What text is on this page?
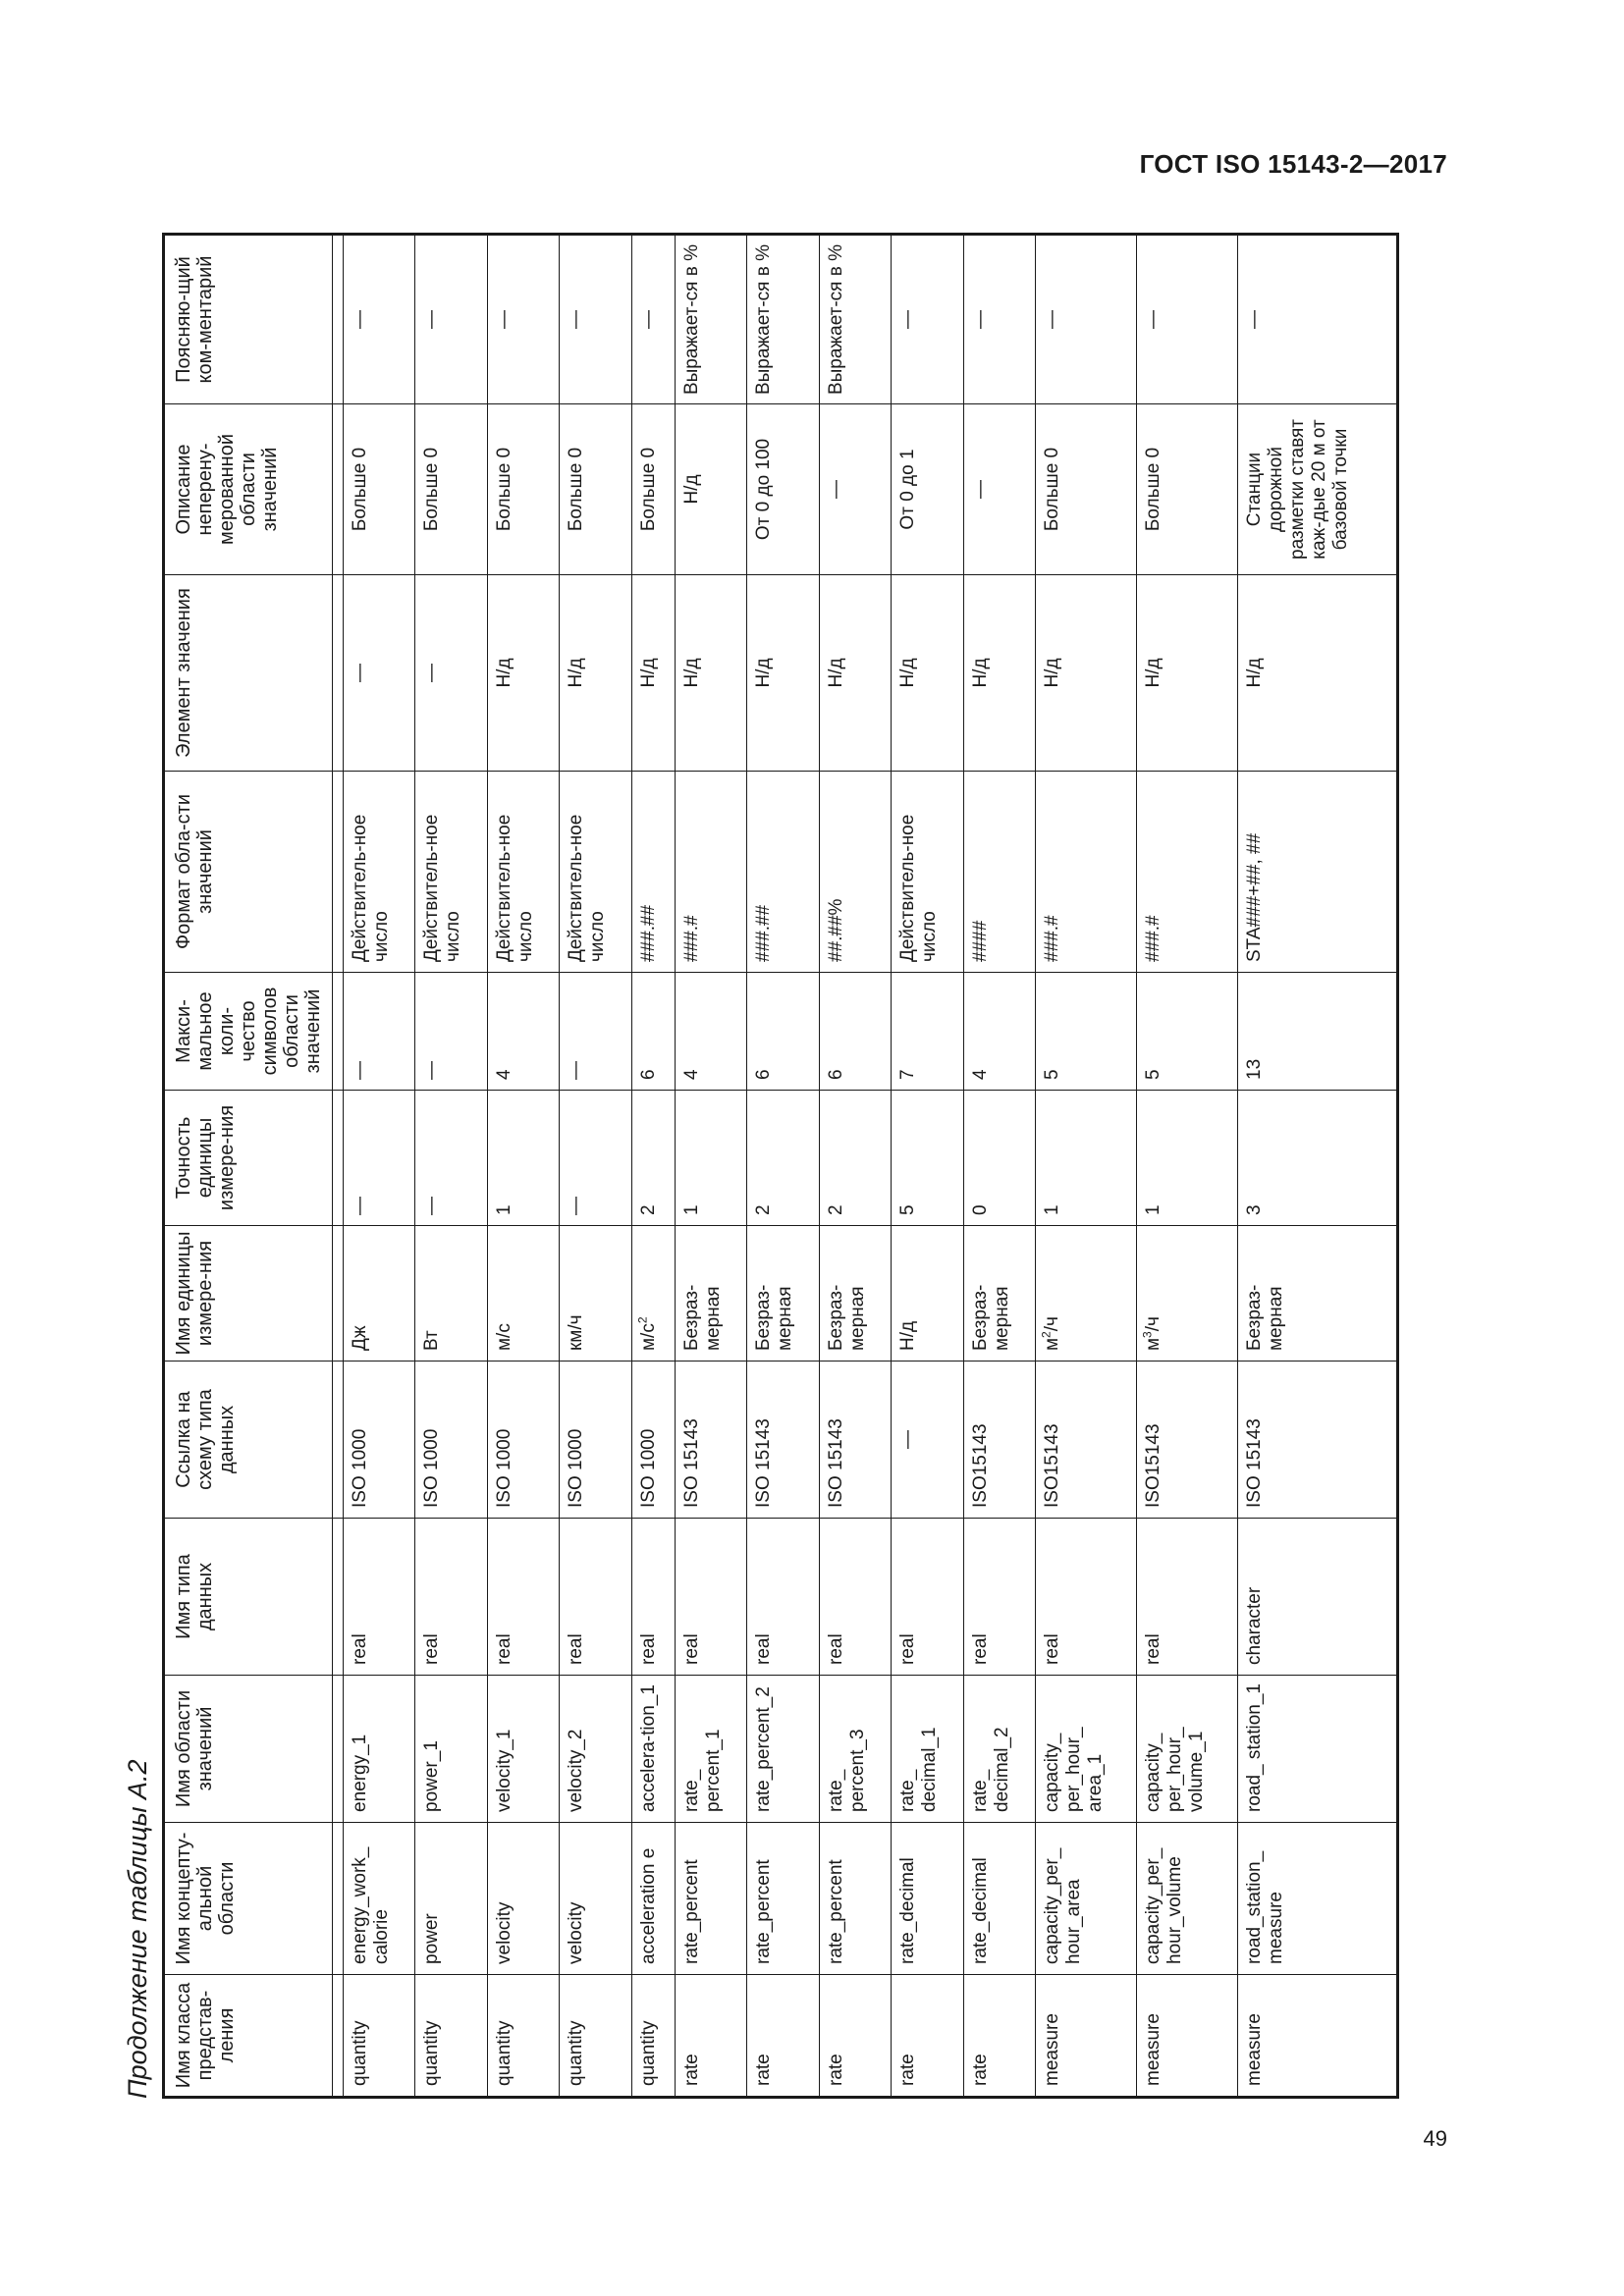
ГОСТ ISO 15143-2—2017
Продолжение таблицы А.2	Имя класса представ-ления	Имя концепту-альной области	Имя области значений	Имя типа данных	Ссылка на схему типа данных	Имя единицы измере-ния	Точность единицы измере-ния	Макси-мальное коли-чество символов области значений	Формат обла-сти значений	Элемент значения	Описание неперену-мерованной области значений	Поясняю-щий ком-ментарий

quantity	energy_work_ calorie	energy_1	real	ISO 1000	Дж	—	—	Действитель-ное число	—	Больше 0	—
quantity	power	power_1	real	ISO 1000	Вт	—	—	Действитель-ное число	—	Больше 0	—
quantity	velocity	velocity_1	real	ISO 1000	м/с	1	4	Действитель-ное число	Н/д	Больше 0	—
quantity	velocity	velocity_2	real	ISO 1000	км/ч	—	—	Действитель-ное число	Н/д	Больше 0	—
quantity	acceleration e	accelera-tion_1	real	ISO 1000	$м/с^2$	2	6	###.##	Н/д	Больше 0	—
rate	rate_percent	rate_ percent_1	real	ISO 15143	Безраз-мерная	1	4	###.#	Н/д	Н/д	Выражает-ся в %
rate	rate_percent	rate_percent_2	real	ISO 15143	Безраз-мерная	2	6	###.##	Н/д	От 0 до 100	Выражает-ся в %
rate	rate_percent	rate_ percent_3	real	ISO 15143	Безраз-мерная	2	6	##.##%	Н/д	—	Выражает-ся в %
rate	rate_decimal	rate_ decimal_1	real	—	Н/д	5	7	Действитель-ное число	Н/д	От 0 до 1	—
rate	rate_decimal	rate_ decimal_2	real	ISO15143	Безраз-мерная	0	4	####	Н/д	—	—
measure	capacity_per_ hour_area	capacity_ per_hour_ area_1	real	ISO15143	$м^2/ч$	1	5	###.#	Н/д	Больше 0	—
measure	capacity_per_ hour_volume	capacity_ per_hour_ volume_1	real	ISO15143	$м^3/ч$	1	5	###.#	Н/д	Больше 0	—
measure	road_station_ measure	road_ station_1	character	ISO 15143	Безраз-мерная	3	13	STA###+##, ##	Н/д	Станции дорожной разметки ставят каж-дые 20 м от базовой точки	—
49
